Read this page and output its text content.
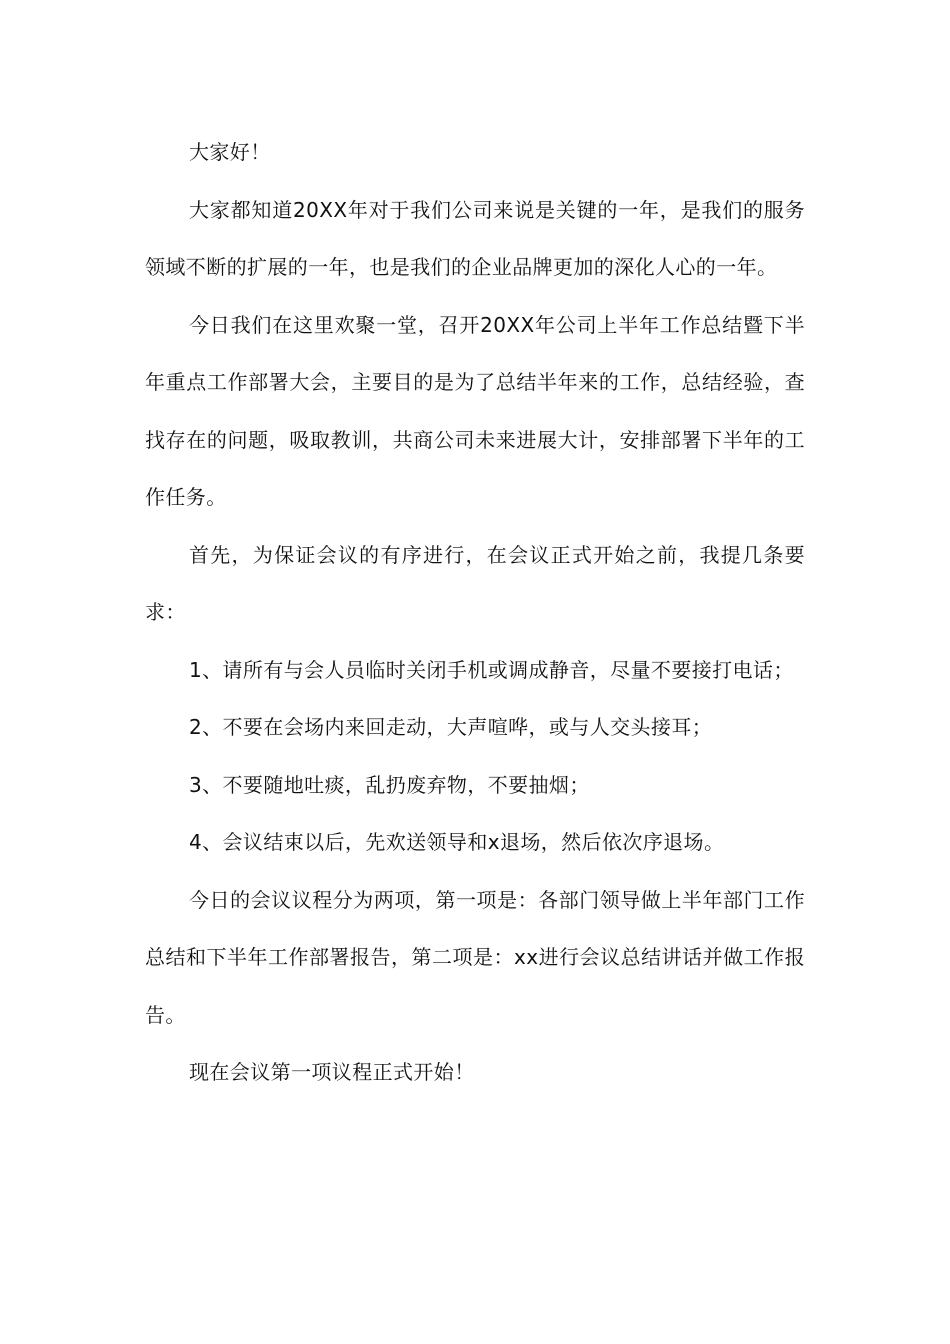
大家好！

大家都知道20XX年对于我们公司来说是关键的一年，是我们的服务领域不断的扩展的一年，也是我们的企业品牌更加的深化人心的一年。

今日我们在这里欢聚一堂，召开20XX年公司上半年工作总结暨下半年重点工作部署大会，主要目的是为了总结半年来的工作，总结经验，查找存在的问题，吸取教训，共商公司未来进展大计，安排部署下半年的工作任务。

首先，为保证会议的有序进行，在会议正式开始之前，我提几条要求：

1、请所有与会人员临时关闭手机或调成静音，尽量不要接打电话；

2、不要在会场内来回走动，大声喧哗，或与人交头接耳；

3、不要随地吐痰，乱扔废弃物，不要抽烟；

4、会议结束以后，先欢送领导和x退场，然后依次序退场。

今日的会议议程分为两项，第一项是：各部门领导做上半年部门工作总结和下半年工作部署报告，第二项是：xx进行会议总结讲话并做工作报告。

现在会议第一项议程正式开始！
